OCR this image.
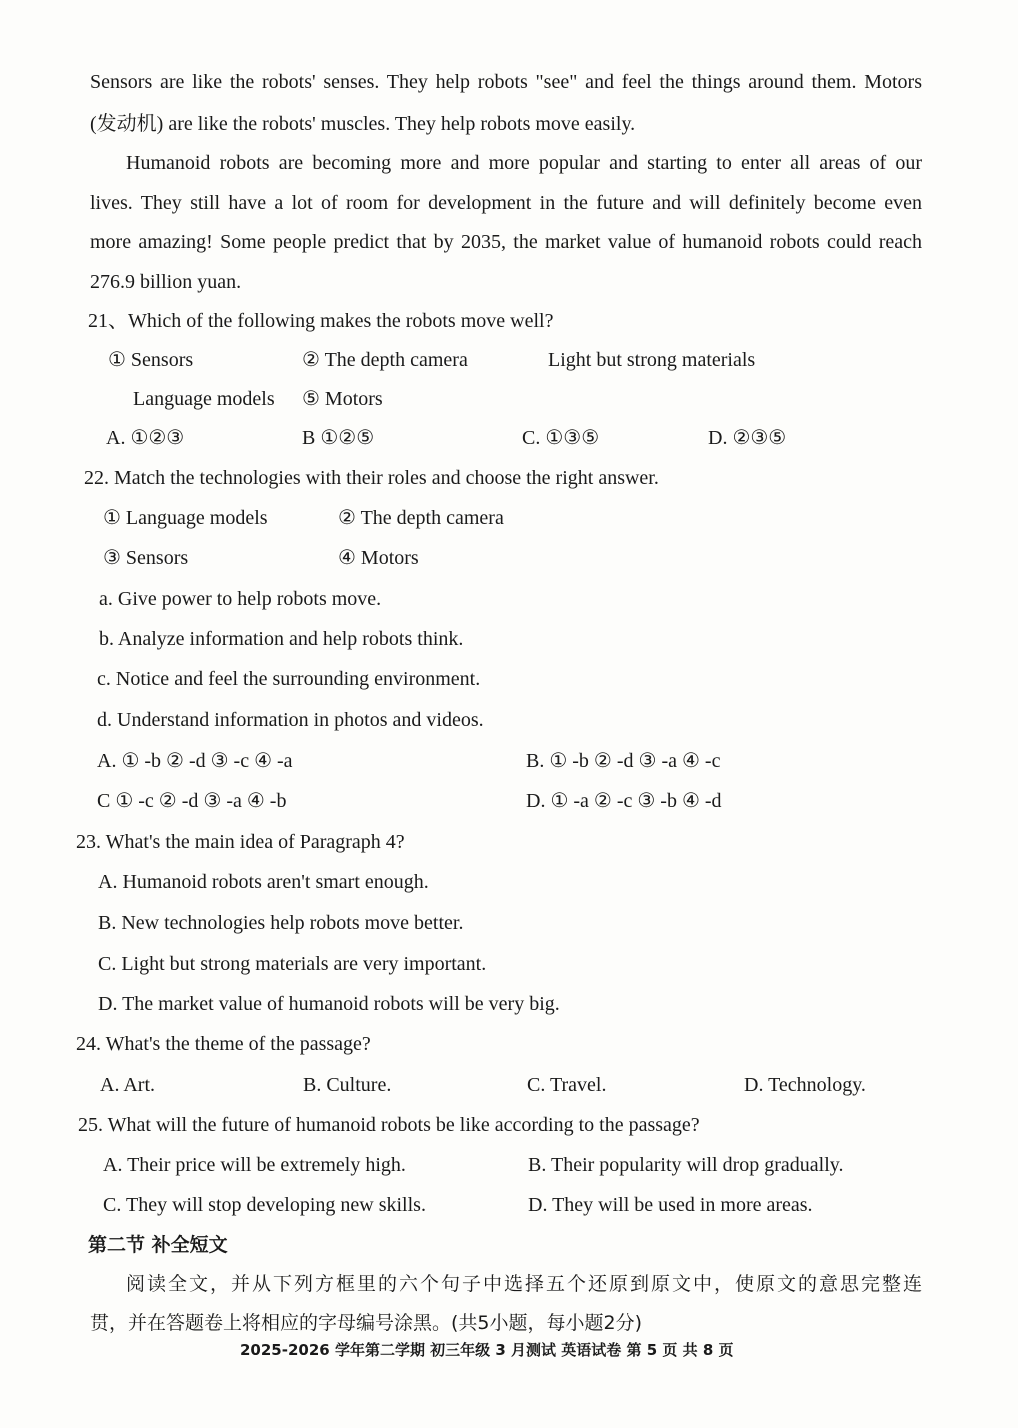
Sensors are like the robots' senses. They help robots "see" and feel the things around them. Motors
(发动机) are like the robots' muscles. They help robots move easily.
Humanoid robots are becoming more and more popular and starting to enter all areas of our
lives. They still have a lot of room for development in the future and will definitely become even
more amazing! Some people predict that by 2035, the market value of humanoid robots could reach
276.9 billion yuan.
21、Which of the following makes the robots move well?
① Sensors	② The depth camera	Light but strong materials
Language models ⑤ Motors
A. ①②③	B ①②⑤	C. ①③⑤	D. ②③⑤
22. Match the technologies with their roles and choose the right answer.
① Language models	② The depth camera
③ Sensors	④ Motors
a. Give power to help robots move.
b. Analyze information and help robots think.
c. Notice and feel the surrounding environment.
d. Understand information in photos and videos.
A. ① -b ② -d ③ -c ④ -a	B. ① -b ② -d ③ -a ④ -c
C ① -c ② -d ③ -a ④ -b	D. ① -a ② -c ③ -b ④ -d
23. What's the main idea of Paragraph 4?
A. Humanoid robots aren't smart enough.
B. New technologies help robots move better.
C. Light but strong materials are very important.
D. The market value of humanoid robots will be very big.
24. What's the theme of the passage?
A. Art.	B. Culture.	C. Travel.	D. Technology.
25. What will the future of humanoid robots be like according to the passage?
A. Their price will be extremely high.	B. Their popularity will drop gradually.
C. They will stop developing new skills.	D. They will be used in more areas.
第二节 补全短文
阅读全文，并从下列方框里的六个句子中选择五个还原到原文中，使原文的意思完整连
贯，并在答题卷上将相应的字母编号涂黑。(共5小题，每小题2分)
2025-2026 学年第二学期 初三年级 3 月测试 英语试卷 第 5 页 共 8 页
